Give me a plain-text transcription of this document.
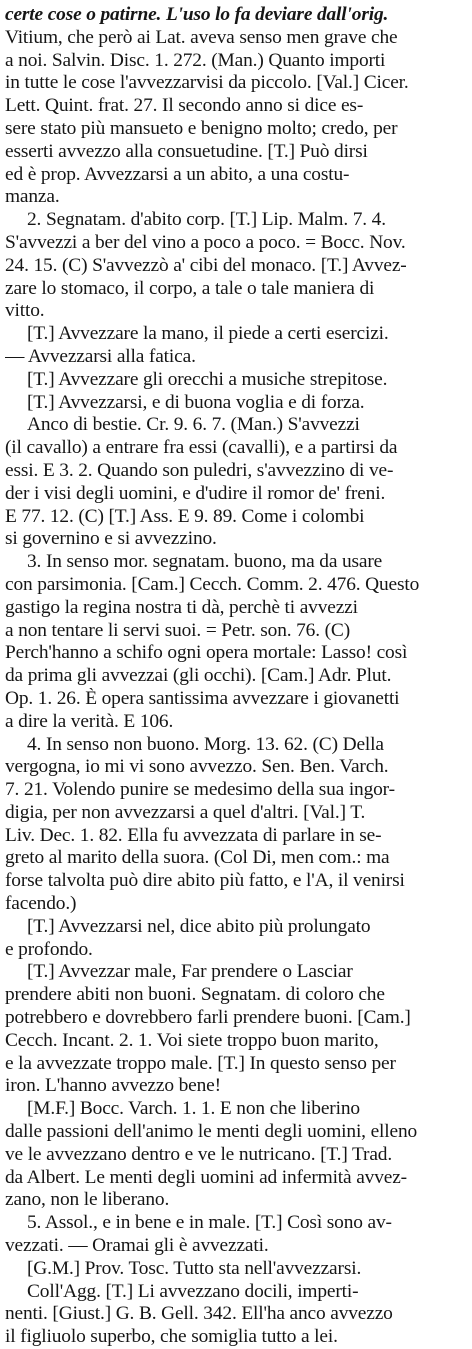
certe cose o patirne. L'uso lo fa deviare dall'orig.
Vitium, che però ai Lat. aveva senso men grave che
a noi. Salvin. Disc. 1. 272. (Man.) Quanto importi
in tutte le cose l'avvezzarvisi da piccolo. [Val.] Cicer.
Lett. Quint. frat. 27. Il secondo anno si dice es-
sere stato più mansueto e benigno molto; credo, per
esserti avvezzo alla consuetudine. [T.] Può dirsi
ed è prop. Avvezzarsi a un abito, a una costu-
manza.
2. Segnatam. d'abito corp. [T.] Lip. Malm. 7. 4.
S'avvezzi a ber del vino a poco a poco. = Bocc. Nov.
24. 15. (C) S'avvezzò a' cibi del monaco. [T.] Avvez-
zare lo stomaco, il corpo, a tale o tale maniera di
vitto.
[T.] Avvezzare la mano, il piede a certi esercizi.
— Avvezzarsi alla fatica.
[T.] Avvezzare gli orecchi a musiche strepitose.
[T.] Avvezzarsi, e di buona voglia e di forza.
Anco di bestie. Cr. 9. 6. 7. (Man.) S'avvezzi
(il cavallo) a entrare fra essi (cavalli), e a partirsi da
essi. E 3. 2. Quando son puledri, s'avvezzino di ve-
der i visi degli uomini, e d'udire il romor de' freni.
E 77. 12. (C) [T.] Ass. E 9. 89. Come i colombi
si governino e si avvezzino.
3. In senso mor. segnatam. buono, ma da usare
con parsimonia. [Cam.] Cecch. Comm. 2. 476. Questo
gastigo la regina nostra ti dà, perchè ti avvezzi
a non tentare li servi suoi. = Petr. son. 76. (C)
Perch'hanno a schifo ogni opera mortale: Lasso! così
da prima gli avvezzai (gli occhi). [Cam.] Adr. Plut.
Op. 1. 26. È opera santissima avvezzare i giovanetti
a dire la verità. E 106.
4. In senso non buono. Morg. 13. 62. (C) Della
vergogna, io mi vi sono avvezzo. Sen. Ben. Varch.
7. 21. Volendo punire se medesimo della sua ingor-
digia, per non avvezzarsi a quel d'altri. [Val.] T.
Liv. Dec. 1. 82. Ella fu avvezzata di parlare in se-
greto al marito della suora. (Col Di, men com.: ma
forse talvolta può dire abito più fatto, e l'A, il venirsi
facendo.)
[T.] Avvezzarsi nel, dice abito più prolungato
e profondo.
[T.] Avvezzar male, Far prendere o Lasciar
prendere abiti non buoni. Segnatam. di coloro che
potrebbero e dovrebbero farli prendere buoni. [Cam.]
Cecch. Incant. 2. 1. Voi siete troppo buon marito,
e la avvezzate troppo male. [T.] In questo senso per
iron. L'hanno avvezzo bene!
[M.F.] Bocc. Varch. 1. 1. E non che liberino
dalle passioni dell'animo le menti degli uomini, elleno
ve le avvezzano dentro e ve le nutricano. [T.] Trad.
da Albert. Le menti degli uomini ad infermità avvez-
zano, non le liberano.
5. Assol., e in bene e in male. [T.] Così sono av-
vezzati. — Oramai gli è avvezzati.
[G.M.] Prov. Tosc. Tutto sta nell'avvezzarsi.
Coll'Agg. [T.] Li avvezzano docili, imperti-
nenti. [Giust.] G. B. Gell. 342. Ell'ha anco avvezzo
il figliuolo superbo, che somiglia tutto a lei.
